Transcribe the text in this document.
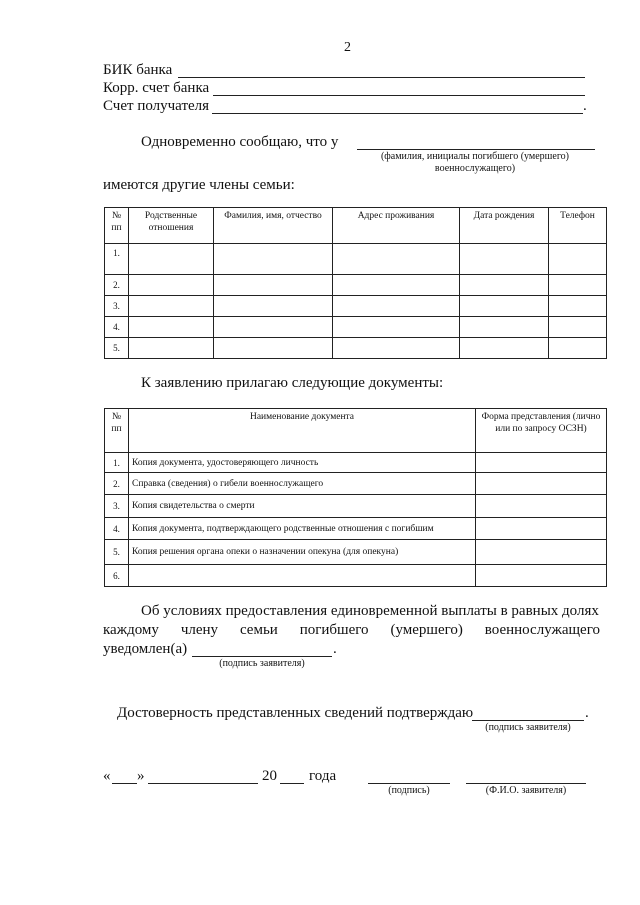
2
БИК банка
Корр. счет банка
Счет получателя	.
Одновременно сообщаю, что у
(фамилия, инициалы погибшего (умершего)
военнослужащего)
имеются другие члены семьи:
№ пп	Родственные отношения	Фамилия, имя, отчество	Адрес проживания	Дата рождения	Телефон
1.					
2.					
3.					
4.					
5.					
К заявлению прилагаю следующие документы:
№ пп	Наименование документа	Форма представления (лично или по запросу ОСЗН)
1.	Копия документа, удостоверяющего личность	
2.	Справка (сведения) о гибели военнослужащего	
3.	Копия свидетельства о смерти	
4.	Копия документа, подтверждающего родственные отношения с погибшим	
5.	Копия решения органа опеки о назначении опекуна (для опекуна)	
6.		
Об условиях предоставления единовременной выплаты в равных долях
каждому члену семьи погибшего (умершего) военнослужащего
уведомлен(а)	.
(подпись заявителя)
Достоверность представленных сведений подтверждаю	.
(подпись заявителя)
« »	20 года
(подпись)	(Ф.И.О. заявителя)
